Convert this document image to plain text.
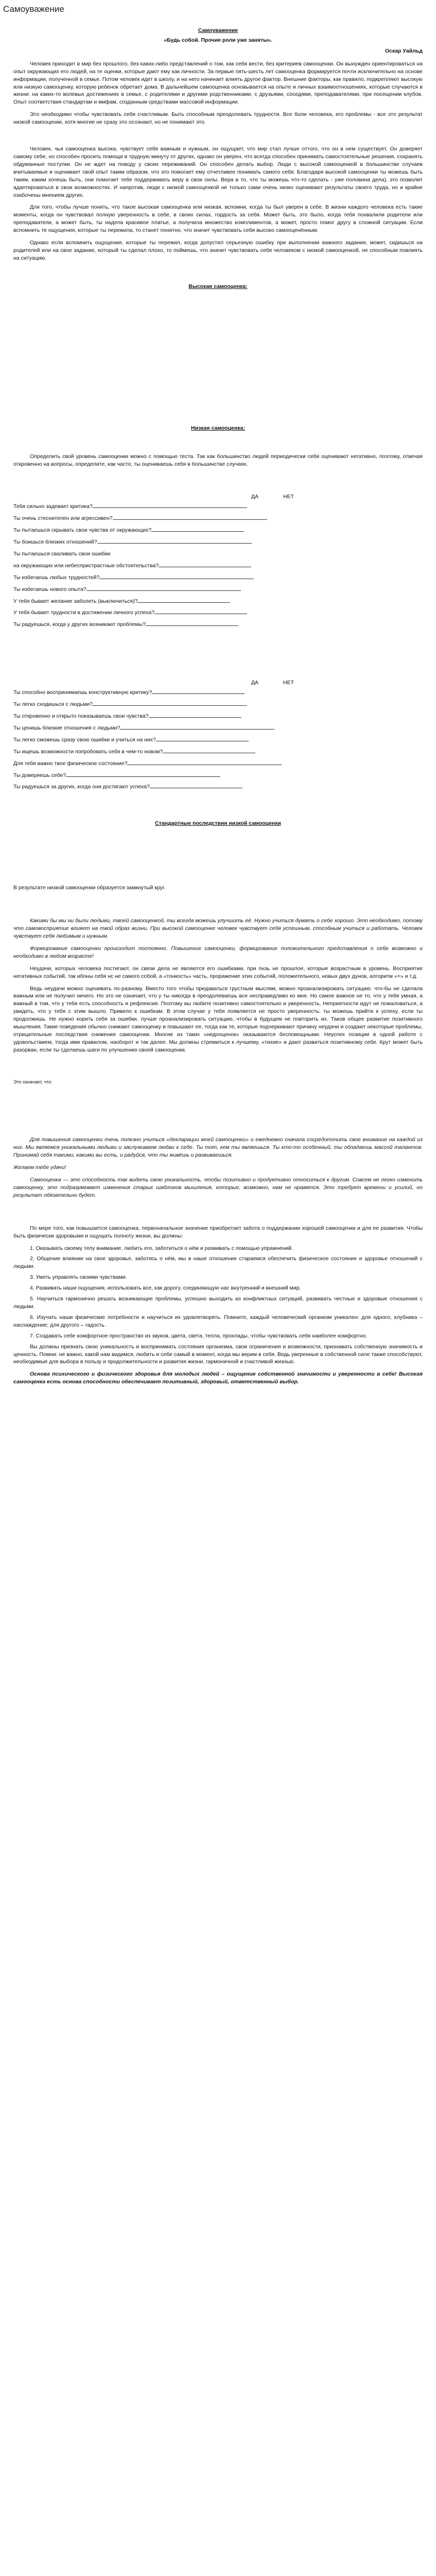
Самоуважение

Самоуважение

«Будь собой. Прочие роли уже заняты».

Оскар Уайльд

Человек приходит в мир без прошлого, без каких-либо представлений о том, как себя вести, без критериев самооценки. Он вынужден ориентироваться на опыт окружающих его людей, на те оценки, которые дают ему как личности. За первые пять-шесть лет самооценка формируется почти исключительно на основе информации, полученной в семье. Потом человек идет в школу, и на него начинает влиять другое фактор. Внешние факторы, как правило, подкрепляют высокую или низкую самооценку, которую ребенок обретает дома. В дальнейшем самооценка основывается на опыте и личных взаимоотношениях, которые случаются в жизни: на каких-то волевых достижениях в семье, с родителями и другими родственниками, с друзьями, соседями, преподавателями, при посещении клубов. Опыт соответствия стандартам и мифам, созданным средствами массовой информации.

Это необходимо чтобы чувствовать себя счастливым. Быть способным преодолевать трудности. Все боли человека, его проблемы - все это результат низкой самооценки, хотя многие не сразу это осознают, но не понимают это.

Человек, чья самооценка высока, чувствует себя важным и нужным, он ощущает, что мир стал лучше оттого, что он в нем существует. Он доверяет самому себе, но способен просить помощи в трудную минуту от других, однако он уверен, что всегда способен принимать самостоятельные решения, сохранять обдуманные поступки. Он не ждет на поводу у своих переживаний. Он способен делать выбор. Люди с высокой самооценкой в большинстве случаев вчитываемые и оценивает свой опыт таким образом, что это помогает ему отчетливее понимать самого себя. Благодаря высокой самооценки ты можешь быть таким, каким хочешь быть, они помогает тебе поддерживать веру в свои силы. Вера в то, что ты можешь что-то сделать - уже половина дела), это позволит адаптироваться в свои возможностях. И напротив, люди с низкой самооценкой не только сами очень низко оценивают результаты своего труда, но и крайне озабочены мнением других.

Для того, чтобы лучше понять, что такое высокая самооценка или низкая, вспомни, когда ты был уверен в себе. В жизни каждого человека есть такие моменты, когда он чувствовал полную уверенность в себе, в своих силах, гордость за себя. Может быть, это было, когда тебя похвалили родители или преподаватели, а может быть, ты надела красивое платье, а получила множество комплиментов, а может, просто помог другу в сложной ситуации. Если вспомнить те ощущения, которые ты пережила, то станет понятно, что значит чувствовать себя высоко самооценённым.

Однако если вспомнить ощущения, которые ты пережил, когда допустил серьезную ошибку при выполнении важного задания, может, сидишься на родителей или на свое задание, который ты сделал плохо, то поймешь, что значит чувствовать себя человеком с низкой самооценкой, не способным повлиять на ситуацию.

Высокая самооценка:

Низкая самооценка:

Определить свой уровень самооценки можно с помощью теста. Так как большинство людей периодически себя оценивают негативно, поэтому, отвечая откровенно на вопросы, определите, как часто, ты оцениваешь себя в большинстве случаях.

ДА	НЕТ

Тебя сильно задевает критика?

Ты очень стеснителен или агрессивен?

Ты пытаешься скрывать свои чувства от окружающих?

Ты боишься близких отношений?

Ты пытаешься сваливать свои ошибки

на окружающих или небеспристрастные обстоятельства?

Ты избегаешь любых трудностей?

Ты избегаешь нового опыта?

У тебя бывает желание заболеть (выключиться)?

У тебя бывает трудности в достижении личного успеха?

Ты радуешься, когда у других возникают проблемы?

ДА	НЕТ

Ты способно воспринимаешь конструктивную критику?

Ты легко сходишься с людьми?

Ты откровенно и открыто показываешь свои чувства?

Ты ценишь близкие отношения с людьми?

Ты легко сможешь сразу свою ошибки и учиться на них?

Ты ищешь возможности попробовать себя в чем-то новом?

Для тебя важно твое физическое состояние?

Ты доверяешь себе?

Ты радуешься за других, когда они достигают успеха?

Стандартные последствия низкой самооценки

В результате низкой самооценки образуется замкнутый круг.

Какими бы мы ни были людьми, твоей самооценкой, ты всегда можешь улучшить её. Нужно учиться думать о себе хорошо. Это необходимо, потому что самовосприятие влияет на твой образ жизни. При высокой самооценке человек чувствует себя успешным, способным учиться и работать. Человек чувствует себя любимым и нужным.

Формирование самооценки происходит постоянно. Повышение самооценки, формирование положительного представления о себе возможно и необходимо в любом возрасте!

Неудачи, которых человека постигают, он связи дела не являются его ошибками, при пнзь не прошлое, которые возрастным в уровень. Восприятие негативных событий, так ибоны себя нс не самого собой, а «тонкость» часть, проражение этих событий, положительного, новых двух дунов, алгоритм «+» и т.д.

Ведь неудачи можно оценивать по-разному. Вместо того чтобы предаваться грустным мыслям, можно проанализировать ситуацию: что-бы не сделала важным или не получил ничего. Но это не означает, что у ты никогда в преодолеваешь все несправедливо ко мне. Но самое важное не то, что у тебя умная, а важный в том, что у тебя есть способность и рефлексия. Поэтому вы любите позитивно самостоятельно и уверенность. Неприятности идут не пожаловаться, а увидеть, что у тебя с этим вышло. Привело к ошибкам. В этом случае у тебя появляется не просто уверенность: ты можешь прийти к успеху, если ты продолжишь. Не нужно корить себя за ошибки, лучше проанализировать ситуацию, чтобы в будущем не повторить их. Таков общее развитие позитивного мышления. Такие поведения обычно снижают самооценку и повышают ее, тогда как те, которые подчеркивают причину неудачи и создают некоторые проблемы, отрицательные последствия снижения самооценки. Многие из таких «недооценок» оказываются беспомощными. Неуспех позиции в одной работе с удовольствием, тогда ими правилом, наоборот и так далее. Мы должны стремиться к лучшему, «тихие» и дают развиться позитивному себе. Крут может быть разорван, если ты сделаешь шаги по улучшению своей самооценки.

Это означает, что:

Для повышения самооценки очень полезно учиться «декларации моей самооценки» и ежедневно сначала сосредоточить свое внимание на каждой из них. Мы являемся уникальными людьми и заслуживаем любви к себе. Ты тот, кем ты являешься. Ты кто-то особенный, ты обладаешь массой талантов. Принимай себя такими, какими вы есть, и радуйся, что ты живёшь и развиваешься.

Желаем тебе удачи!

Самооценка — это способность так видеть свою уникальность, чтобы позитивно и продуктивно относиться к другим. Совсем не легко изменить самооценку, это подразумевает изменения старых шаблонов мышления, которые, возможно, нам не нравятся. Это требует времени и усилий, но результат обязательно будет.

По мере того, как повышается самооценка, первоначальное значение приобретает забота о поддержании хорошей самооценки и для ее развития. Чтобы быть физически здоровыми и ощущать полноту жизни, вы должны:

1. Оказывать своему телу внимание, любить его, заботиться о нём и развивать с помощью упражнений.

2. Общение влияние на свое здоровье, заботясь о нём, мы в наше отношение стараемся обеспечить физическое состояние и здоровье отношений с людьми.

3. Уметь управлять своими чувствами.

4. Развивать наши ощущения, использовать все, как дорогу, соединяющую нас внутренний и внешний мир.

5. Научиться гармонично решать возникающие проблемы, успешно выходить из конфликтных ситуаций, развивать честные и здоровые отношения с людьми.

6. Изучать наши физические потребности и научиться их удовлетворять. Помните, каждый человеческий организм уникален: для одного, клубника – наслаждение; для другого – гадость.

7. Создавать себе комфортное пространство из звуков, цвета, света, тепла, прохлады, чтобы чувствовать себя наиболее комфортно.

Вы должны признать свою уникальность и воспринимать состояния организма, свои ограничения и возможности, признавать собственную значимость и ценность. Помни: не важно, какой нам видимся, любить и себе самый в момент, когда мы верим в себя. Ведь уверенные в собственной силе также способствуют, необходимые для выбора в пользу и продолжительности и развития жизни, гармоничной и счастливой жизнью.

Основа психического и физического здоровья для молодых людей – ощущение собственной значимости и уверенности в себе! Высокая самооценка есть основа способности обеспечивает позитивный, здоровый, ответственный выбор.
